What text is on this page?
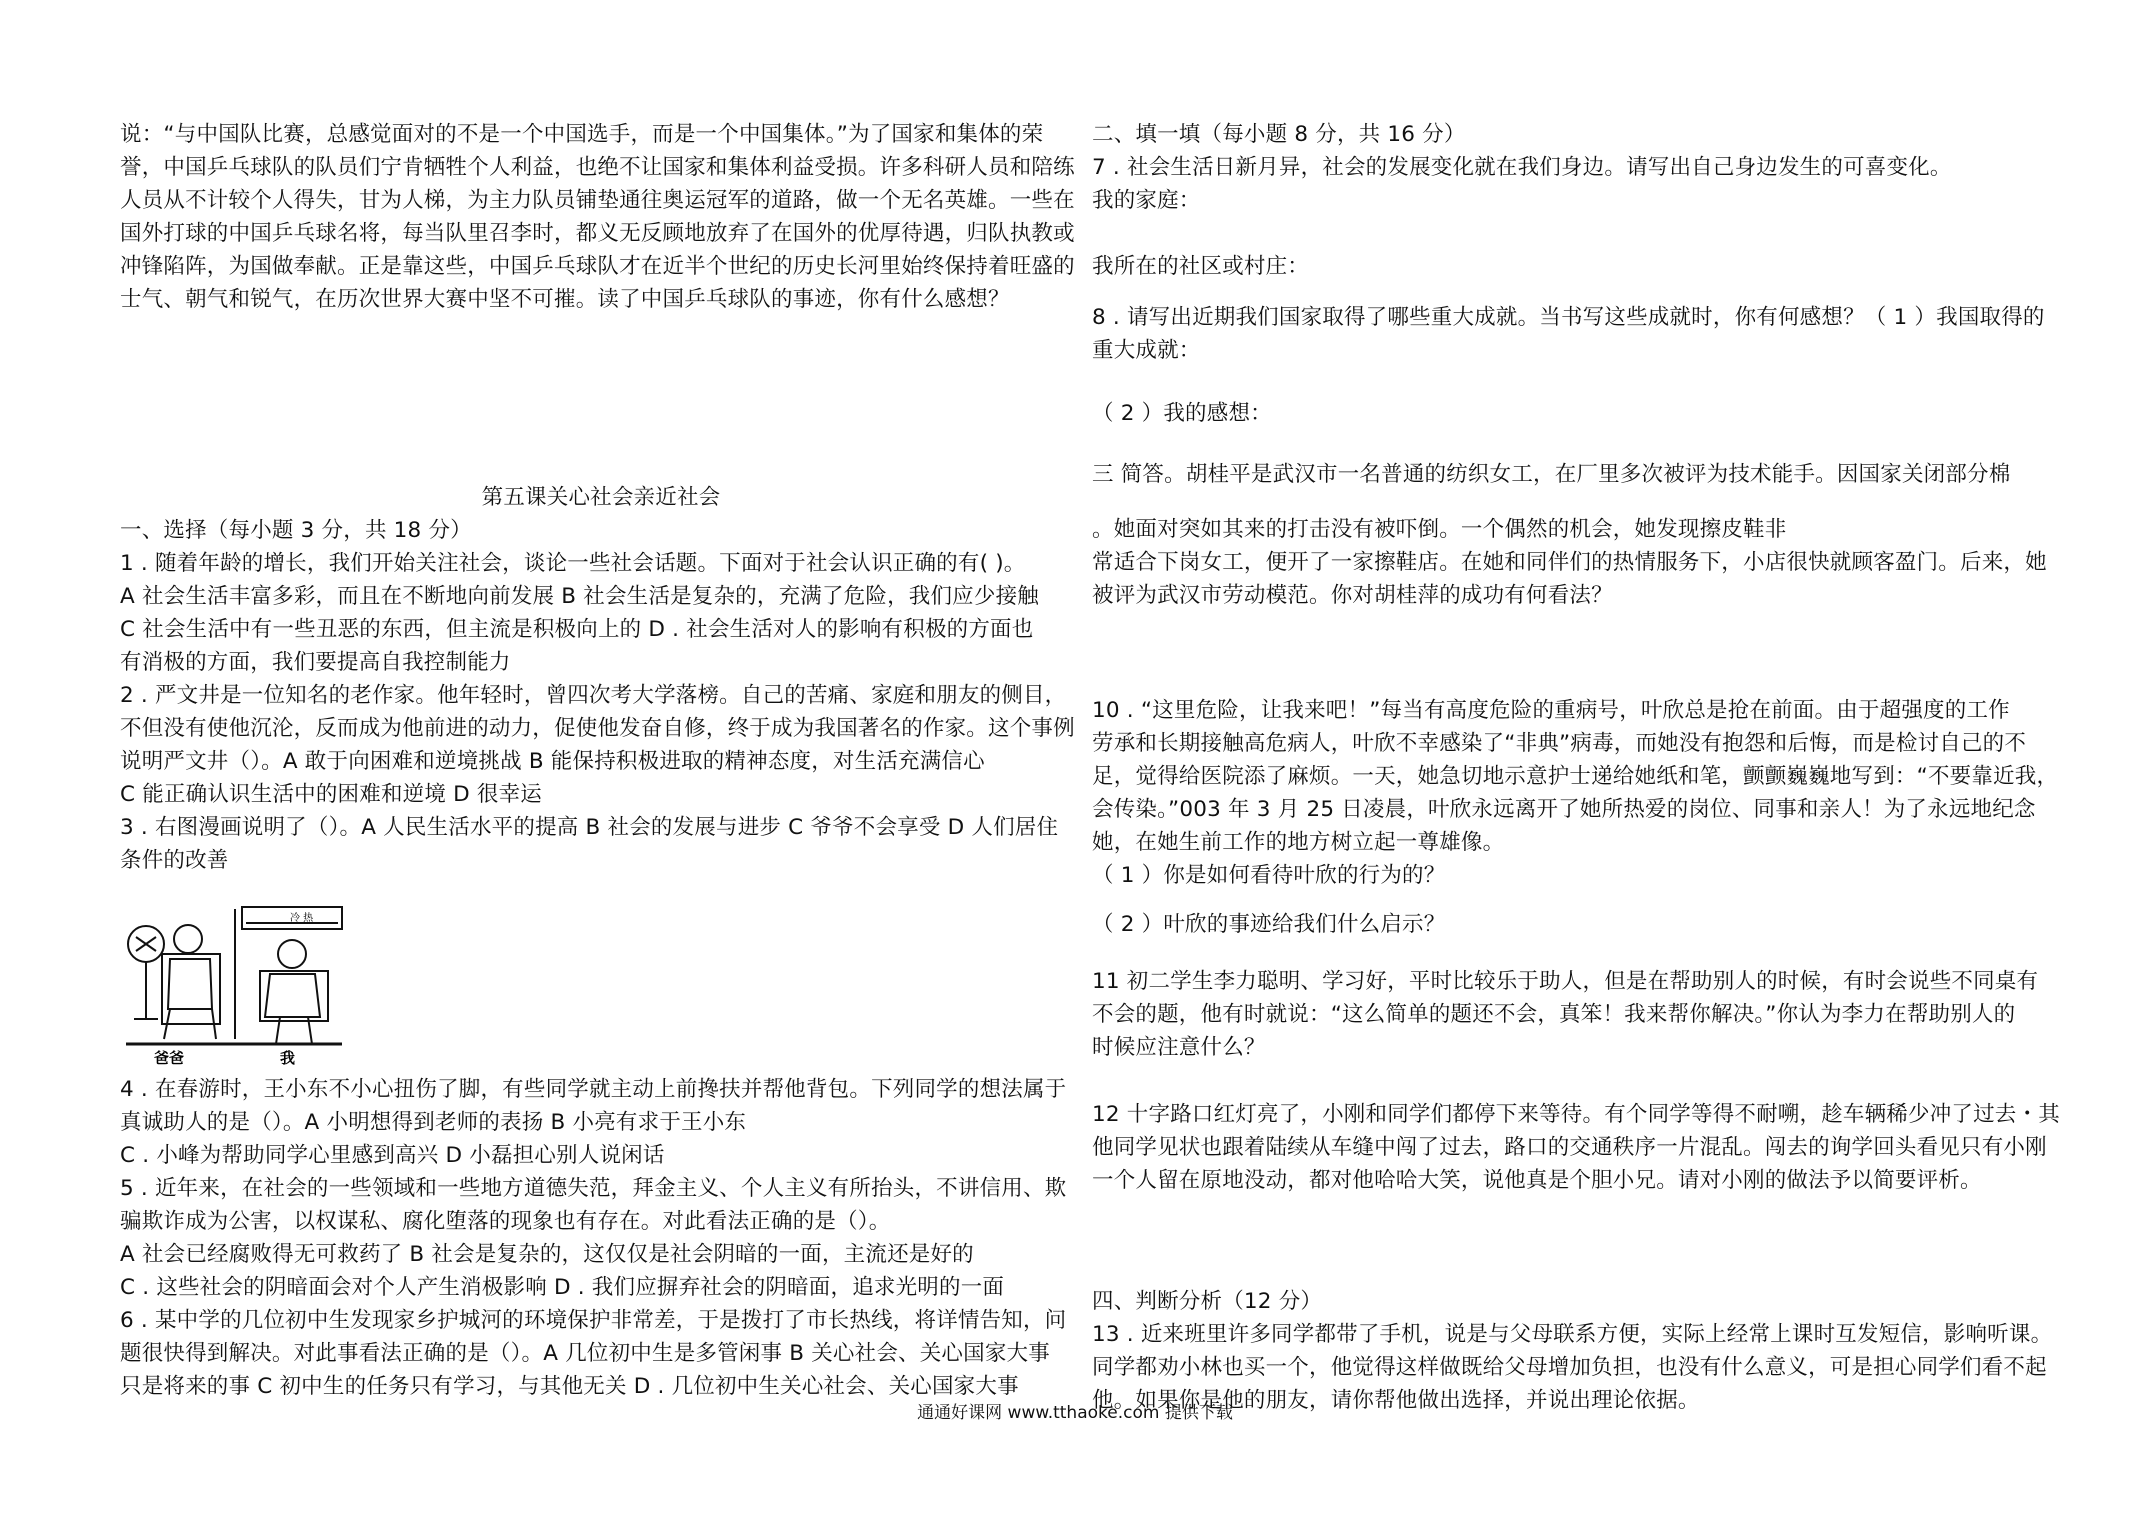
说：“与中国队比赛，总感觉面对的不是一个中国选手，而是一个中国集体。”为了国家和集体的荣

誉，中国乒乓球队的队员们宁肯牺牲个人利益，也绝不让国家和集体利益受损。许多科研人员和陪练

人员从不计较个人得失，甘为人梯，为主力队员铺垫通往奥运冠军的道路，做一个无名英雄。一些在

国外打球的中国乒乓球名将，每当队里召李时，都义无反顾地放弃了在国外的优厚待遇，归队执教或

冲锋陷阵，为国做奉献。正是靠这些，中国乒乓球队才在近半个世纪的历史长河里始终保持着旺盛的

士气、朝气和锐气，在历次世界大赛中坚不可摧。读了中国乒乓球队的事迹，你有什么感想？

第五课关心社会亲近社会

一、选择（每小题 3 分，共 18 分）

1 . 随着年龄的增长，我们开始关注社会，谈论一些社会话题。下面对于社会认识正确的有( )。

A 社会生活丰富多彩，而且在不断地向前发展 B 社会生活是复杂的，充满了危险，我们应少接触

C 社会生活中有一些丑恶的东西，但主流是积极向上的 D . 社会生活对人的影响有积极的方面也

有消极的方面，我们要提高自我控制能力

2 . 严文井是一位知名的老作家。他年轻时，曾四次考大学落榜。自己的苦痛、家庭和朋友的侧目，

不但没有使他沉沦，反而成为他前进的动力，促使他发奋自修，终于成为我国著名的作家。这个事例

说明严文井（）。A 敢于向困难和逆境挑战 B 能保持积极进取的精神态度，对生活充满信心

C 能正确认识生活中的困难和逆境 D 很幸运

3 . 右图漫画说明了（）。A 人民生活水平的提高 B 社会的发展与进步 C 爷爷不会享受 D 人们居住

条件的改善

冷 热
爸爸	我

4 . 在春游时，王小东不小心扭伤了脚，有些同学就主动上前搀扶并帮他背包。下列同学的想法属于

真诚助人的是（）。A 小明想得到老师的表扬 B 小亮有求于王小东

C . 小峰为帮助同学心里感到高兴 D 小磊担心别人说闲话

5 . 近年来，在社会的一些领域和一些地方道德失范，拜金主义、个人主义有所抬头，不讲信用、欺

骗欺诈成为公害，以权谋私、腐化堕落的现象也有存在。对此看法正确的是（）。

A 社会已经腐败得无可救药了 B 社会是复杂的，这仅仅是社会阴暗的一面，主流还是好的

C . 这些社会的阴暗面会对个人产生消极影响 D . 我们应摒弃社会的阴暗面，追求光明的一面

6 . 某中学的几位初中生发现家乡护城河的环境保护非常差，于是拨打了市长热线，将详情告知，问

题很快得到解决。对此事看法正确的是（）。A 几位初中生是多管闲事 B 关心社会、关心国家大事

只是将来的事 C 初中生的任务只有学习，与其他无关 D . 几位初中生关心社会、关心国家大事

二、填一填（每小题 8 分，共 16 分）

7 . 社会生活日新月异，社会的发展变化就在我们身边。请写出自己身边发生的可喜变化。

我的家庭：

我所在的社区或村庄：

8 . 请写出近期我们国家取得了哪些重大成就。当书写这些成就时，你有何感想？（ 1 ）我国取得的

重大成就：

（ 2 ）我的感想：

三 简答。胡桂平是武汉市一名普通的纺织女工，在厂里多次被评为技术能手。因国家关闭部分棉

。她面对突如其来的打击没有被吓倒。一个偶然的机会，她发现擦皮鞋非

常适合下岗女工，便开了一家擦鞋店。在她和同伴们的热情服务下，小店很快就顾客盈门。后来，她

被评为武汉市劳动模范。你对胡桂萍的成功有何看法？

10 . “这里危险，让我来吧！”每当有高度危险的重病号，叶欣总是抢在前面。由于超强度的工作

劳承和长期接触高危病人，叶欣不幸感染了“非典”病毒，而她没有抱怨和后悔，而是检讨自己的不

足，觉得给医院添了麻烦。一天，她急切地示意护士递给她纸和笔，颤颤巍巍地写到：“不要靠近我，

会传染。”003 年 3 月 25 日凌晨，叶欣永远离开了她所热爱的岗位、同事和亲人！为了永远地纪念

她，在她生前工作的地方树立起一尊雄像。

（ 1 ）你是如何看待叶欣的行为的？

（ 2 ）叶欣的事迹给我们什么启示？

11 初二学生李力聪明、学习好，平时比较乐于助人，但是在帮助别人的时候，有时会说些不同桌有

不会的题，他有时就说：“这么简单的题还不会，真笨！我来帮你解决。”你认为李力在帮助别人的

时候应注意什么？

12 十字路口红灯亮了，小刚和同学们都停下来等待。有个同学等得不耐嗍，趁车辆稀少冲了过去・其

他同学见状也跟着陆续从车缝中闯了过去，路口的交通秩序一片混乱。闯去的询学回头看见只有小刚

一个人留在原地没动，都对他哈哈大笑，说他真是个胆小兄。请对小刚的做法予以简要评析。

四、判断分析（12 分）

13 . 近来班里许多同学都带了手机，说是与父母联系方便，实际上经常上课时互发短信，影响听课。

同学都劝小林也买一个，他觉得这样做既给父母增加负担，也没有什么意义，可是担心同学们看不起

他。如果你是他的朋友，请你帮他做出选择，并说出理论依据。

通通好课网 www.tthaoke.com 提供下载
